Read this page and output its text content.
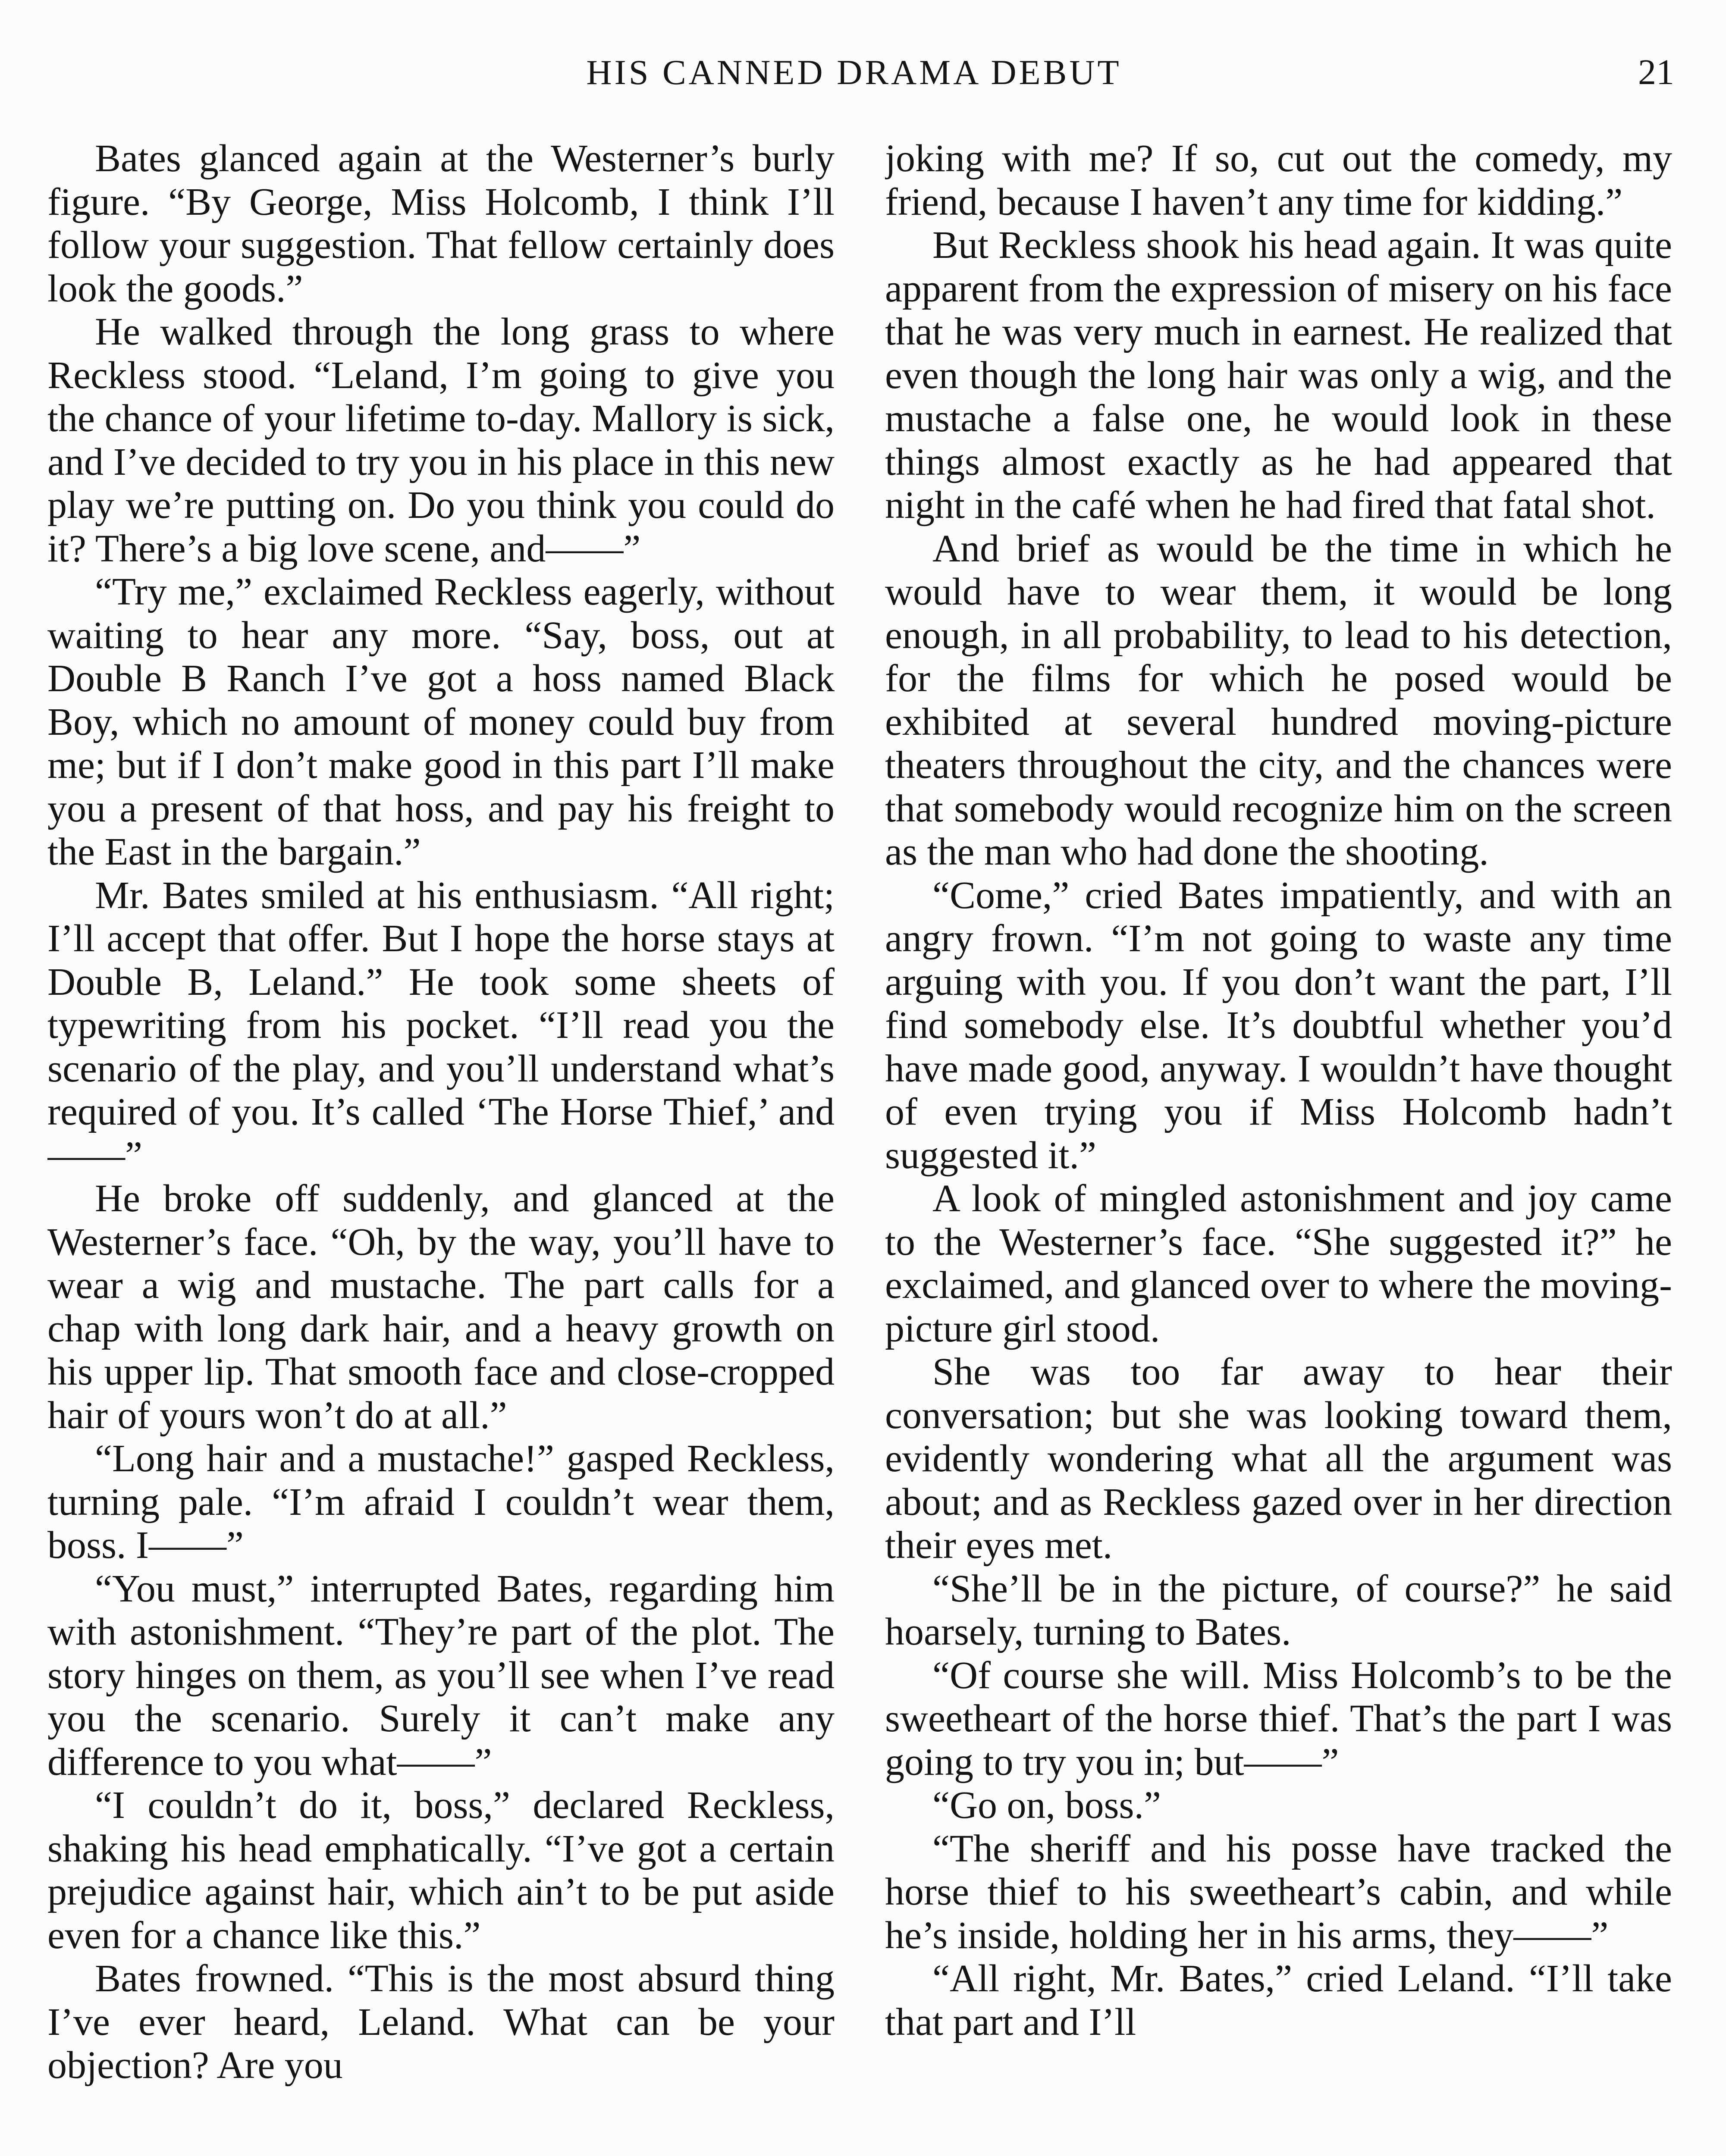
HIS CANNED DRAMA DEBUT	21

Bates glanced again at the Westerner’s burly figure. “By George, Miss Holcomb, I think I’ll follow your suggestion. That fellow certainly does look the goods.”

He walked through the long grass to where Reckless stood. “Leland, I’m going to give you the chance of your lifetime to-day. Mallory is sick, and I’ve decided to try you in his place in this new play we’re putting on. Do you think you could do it? There’s a big love scene, and——”

“Try me,” exclaimed Reckless eagerly, without waiting to hear any more. “Say, boss, out at Double B Ranch I’ve got a hoss named Black Boy, which no amount of money could buy from me; but if I don’t make good in this part I’ll make you a present of that hoss, and pay his freight to the East in the bargain.”

Mr. Bates smiled at his enthusiasm. “All right; I’ll accept that offer. But I hope the horse stays at Double B, Leland.” He took some sheets of typewriting from his pocket. “I’ll read you the scenario of the play, and you’ll understand what’s required of you. It’s called ‘The Horse Thief,’ and——”

He broke off suddenly, and glanced at the Westerner’s face. “Oh, by the way, you’ll have to wear a wig and mustache. The part calls for a chap with long dark hair, and a heavy growth on his upper lip. That smooth face and close-cropped hair of yours won’t do at all.”

“Long hair and a mustache!” gasped Reckless, turning pale. “I’m afraid I couldn’t wear them, boss. I——”

“You must,” interrupted Bates, regarding him with astonishment. “They’re part of the plot. The story hinges on them, as you’ll see when I’ve read you the scenario. Surely it can’t make any difference to you what——”

“I couldn’t do it, boss,” declared Reckless, shaking his head emphatically. “I’ve got a certain prejudice against hair, which ain’t to be put aside even for a chance like this.”

Bates frowned. “This is the most absurd thing I’ve ever heard, Leland. What can be your objection? Are you

joking with me? If so, cut out the comedy, my friend, because I haven’t any time for kidding.”

But Reckless shook his head again. It was quite apparent from the expression of misery on his face that he was very much in earnest. He realized that even though the long hair was only a wig, and the mustache a false one, he would look in these things almost exactly as he had appeared that night in the café when he had fired that fatal shot.

And brief as would be the time in which he would have to wear them, it would be long enough, in all probability, to lead to his detection, for the films for which he posed would be exhibited at several hundred moving-picture theaters throughout the city, and the chances were that somebody would recognize him on the screen as the man who had done the shooting.

“Come,” cried Bates impatiently, and with an angry frown. “I’m not going to waste any time arguing with you. If you don’t want the part, I’ll find somebody else. It’s doubtful whether you’d have made good, anyway. I wouldn’t have thought of even trying you if Miss Holcomb hadn’t suggested it.”

A look of mingled astonishment and joy came to the Westerner’s face. “She suggested it?” he exclaimed, and glanced over to where the moving-picture girl stood.

She was too far away to hear their conversation; but she was looking toward them, evidently wondering what all the argument was about; and as Reckless gazed over in her direction their eyes met.

“She’ll be in the picture, of course?” he said hoarsely, turning to Bates.

“Of course she will. Miss Holcomb’s to be the sweetheart of the horse thief. That’s the part I was going to try you in; but——”

“Go on, boss.”

“The sheriff and his posse have tracked the horse thief to his sweetheart’s cabin, and while he’s inside, holding her in his arms, they——”

“All right, Mr. Bates,” cried Leland. “I’ll take that part and I’ll
